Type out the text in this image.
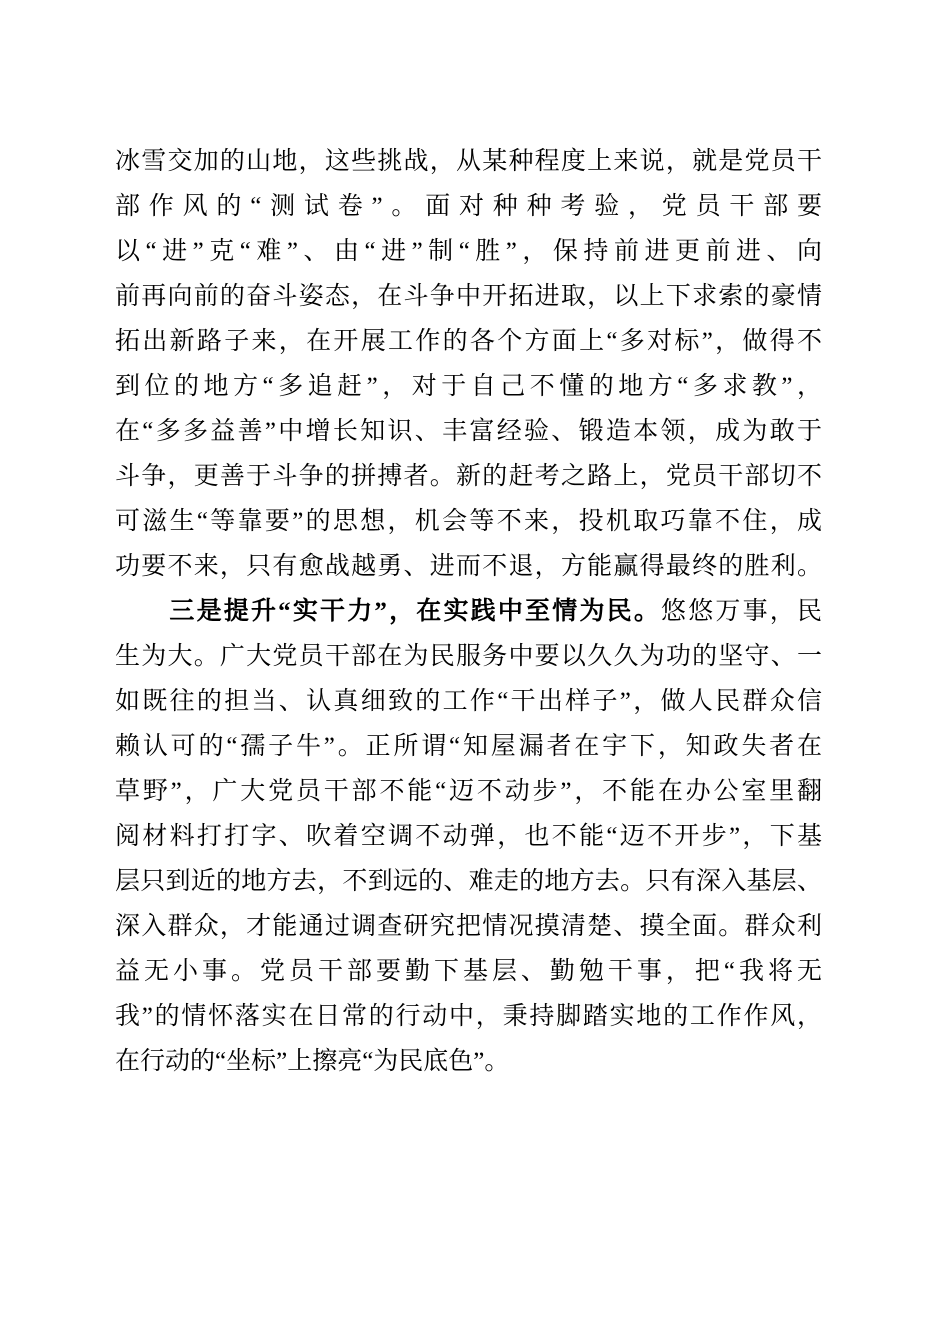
冰雪交加的山地，这些挑战，从某种程度上来说，就是党员干
部作风的“测试卷”。面对种种考验，党员干部要
以“进”克“难”、由“进”制“胜”，保持前进更前进、向
前再向前的奋斗姿态，在斗争中开拓进取，以上下求索的豪情
拓出新路子来，在开展工作的各个方面上“多对标”，做得不
到位的地方“多追赶”，对于自己不懂的地方“多求教”，
在“多多益善”中增长知识、丰富经验、锻造本领，成为敢于
斗争，更善于斗争的拼搏者。新的赶考之路上，党员干部切不
可滋生“等靠要”的思想，机会等不来，投机取巧靠不住，成
功要不来，只有愈战越勇、进而不退，方能赢得最终的胜利。
　　三是提升“实干力”，在实践中至情为民。悠悠万事，民
生为大。广大党员干部在为民服务中要以久久为功的坚守、一
如既往的担当、认真细致的工作“干出样子”，做人民群众信
赖认可的“孺子牛”。正所谓“知屋漏者在宇下，知政失者在
草野”，广大党员干部不能“迈不动步”，不能在办公室里翻
阅材料打打字、吹着空调不动弹，也不能“迈不开步”，下基
层只到近的地方去，不到远的、难走的地方去。只有深入基层、
深入群众，才能通过调查研究把情况摸清楚、摸全面。群众利
益无小事。党员干部要勤下基层、勤勉干事，把“我将无
我”的情怀落实在日常的行动中，秉持脚踏实地的工作作风，
在行动的“坐标”上擦亮“为民底色”。
